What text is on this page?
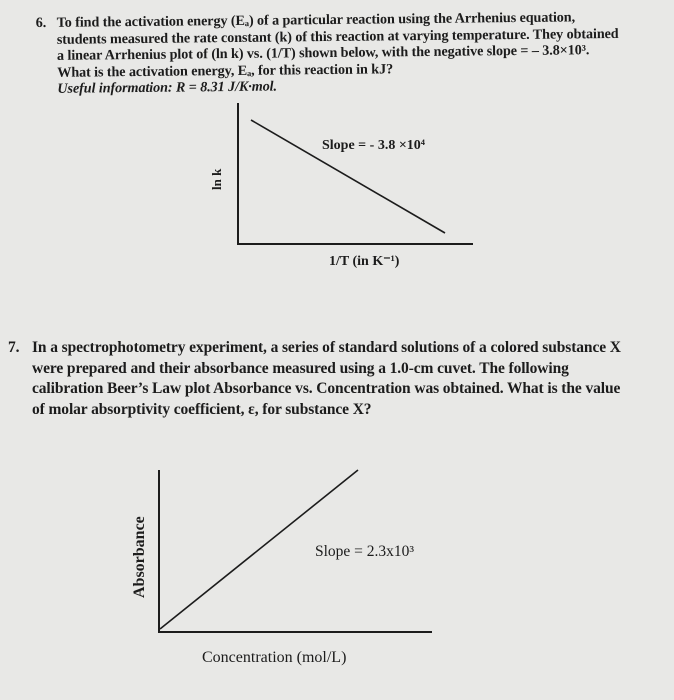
6. To find the activation energy (Eₐ) of a particular reaction using the Arrhenius equation,

students measured the rate constant (k) of this reaction at varying temperature. They obtained

a linear Arrhenius plot of (ln k) vs. (1/T) shown below, with the negative slope = – 3.8×10³.

What is the activation energy, Eₐ, for this reaction in kJ?

Useful information: R = 8.31 J/K·mol.

Slope = - 3.8 ×10⁴
ln k
1/T (in K⁻¹)
7. In a spectrophotometry experiment, a series of standard solutions of a colored substance X

were prepared and their absorbance measured using a 1.0-cm cuvet. The following

calibration Beer’s Law plot Absorbance vs. Concentration was obtained. What is the value

of molar absorptivity coefficient, ε, for substance X?

Slope = 2.3x10³
Absorbance
Concentration (mol/L)
